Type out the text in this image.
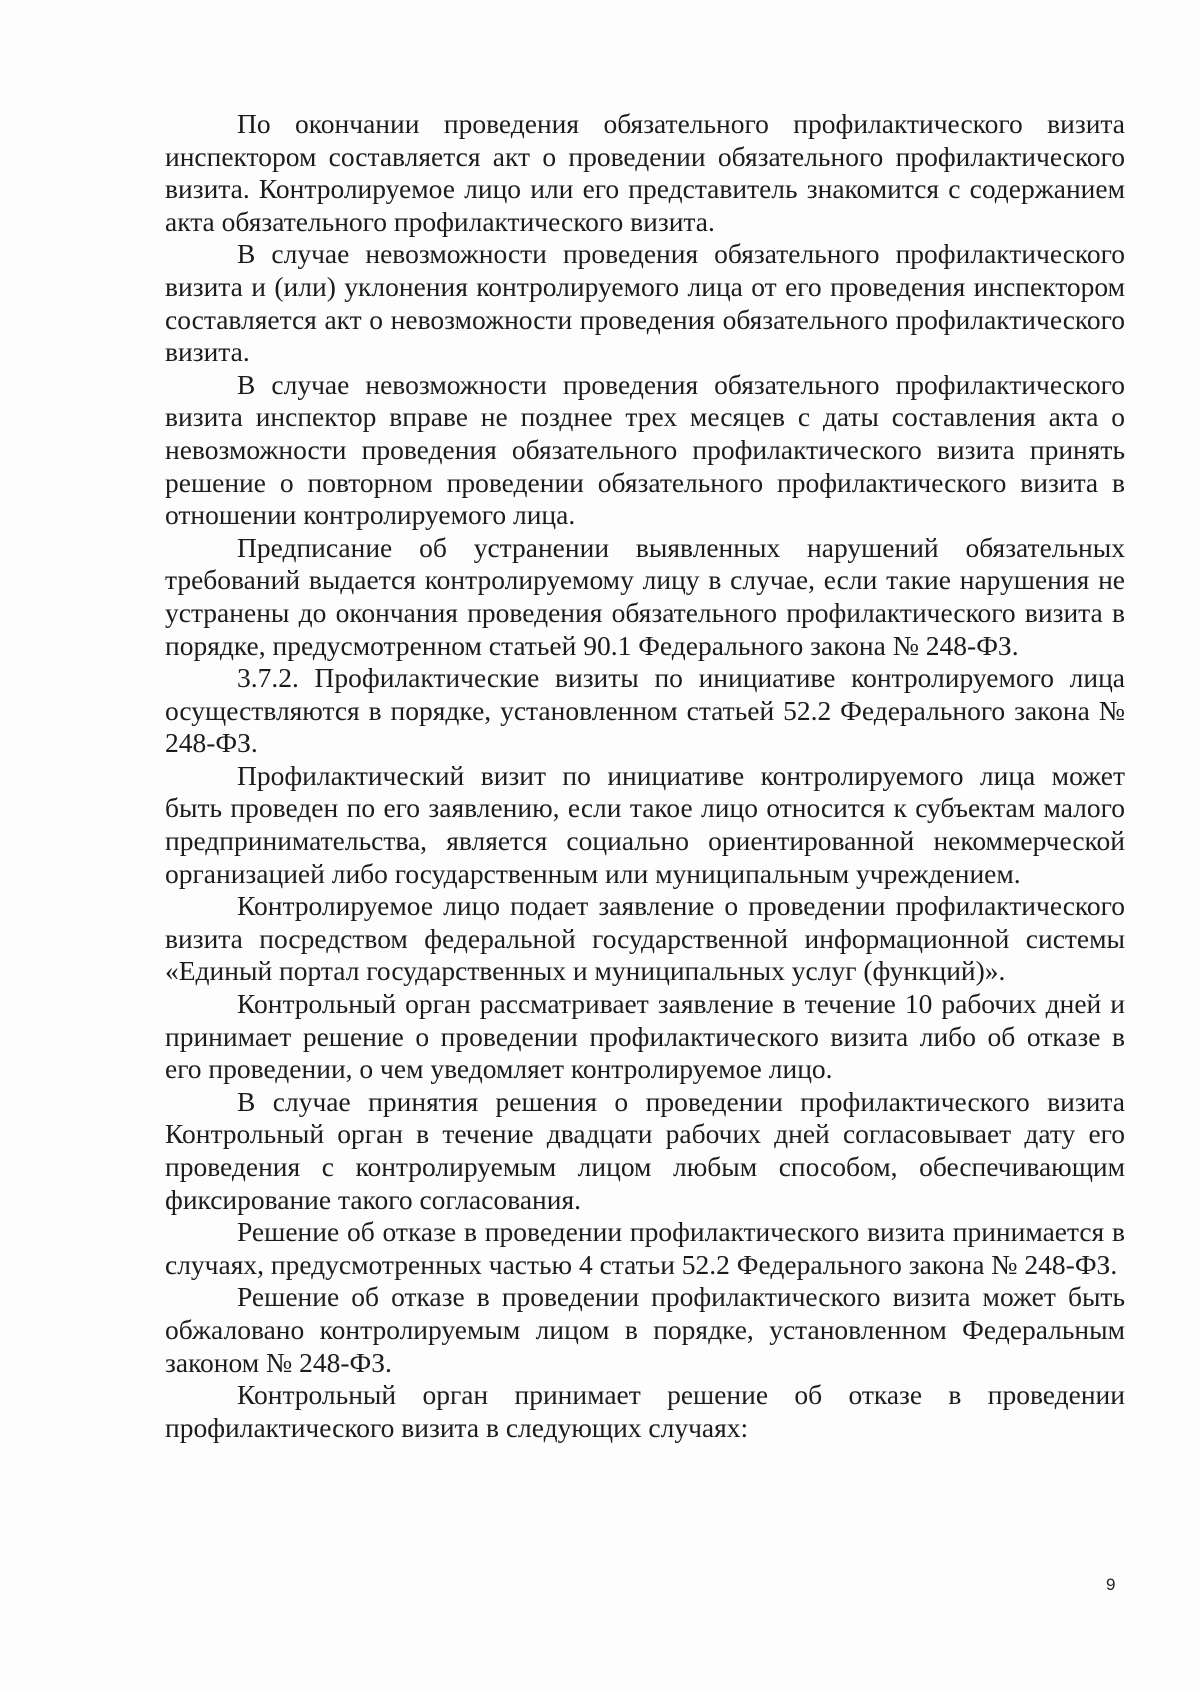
По окончании проведения обязательного профилактического визита инспектором составляется акт о проведении обязательного профилактического визита. Контролируемое лицо или его представитель знакомится с содержанием акта обязательного профилактического визита.

В случае невозможности проведения обязательного профилактического визита и (или) уклонения контролируемого лица от его проведения инспектором составляется акт о невозможности проведения обязательного профилактического визита.

В случае невозможности проведения обязательного профилактического визита инспектор вправе не позднее трех месяцев с даты составления акта о невозможности проведения обязательного профилактического визита принять решение о повторном проведении обязательного профилактического визита в отношении контролируемого лица.

Предписание об устранении выявленных нарушений обязательных требований выдается контролируемому лицу в случае, если такие нарушения не устранены до окончания проведения обязательного профилактического визита в порядке, предусмотренном статьей 90.1 Федерального закона № 248-ФЗ.

3.7.2. Профилактические визиты по инициативе контролируемого лица осуществляются в порядке, установленном статьей 52.2 Федерального закона № 248-ФЗ.

Профилактический визит по инициативе контролируемого лица может быть проведен по его заявлению, если такое лицо относится к субъектам малого предпринимательства, является социально ориентированной некоммерческой организацией либо государственным или муниципальным учреждением.

Контролируемое лицо подает заявление о проведении профилактического визита посредством федеральной государственной информационной системы «Единый портал государственных и муниципальных услуг (функций)».

Контрольный орган рассматривает заявление в течение 10 рабочих дней и принимает решение о проведении профилактического визита либо об отказе в его проведении, о чем уведомляет контролируемое лицо.

В случае принятия решения о проведении профилактического визита Контрольный орган в течение двадцати рабочих дней согласовывает дату его проведения с контролируемым лицом любым способом, обеспечивающим фиксирование такого согласования.

Решение об отказе в проведении профилактического визита принимается в случаях, предусмотренных частью 4 статьи 52.2 Федерального закона № 248-ФЗ.

Решение об отказе в проведении профилактического визита может быть обжаловано контролируемым лицом в порядке, установленном Федеральным законом № 248-ФЗ.

Контрольный орган принимает решение об отказе в проведении профилактического визита в следующих случаях:

9
